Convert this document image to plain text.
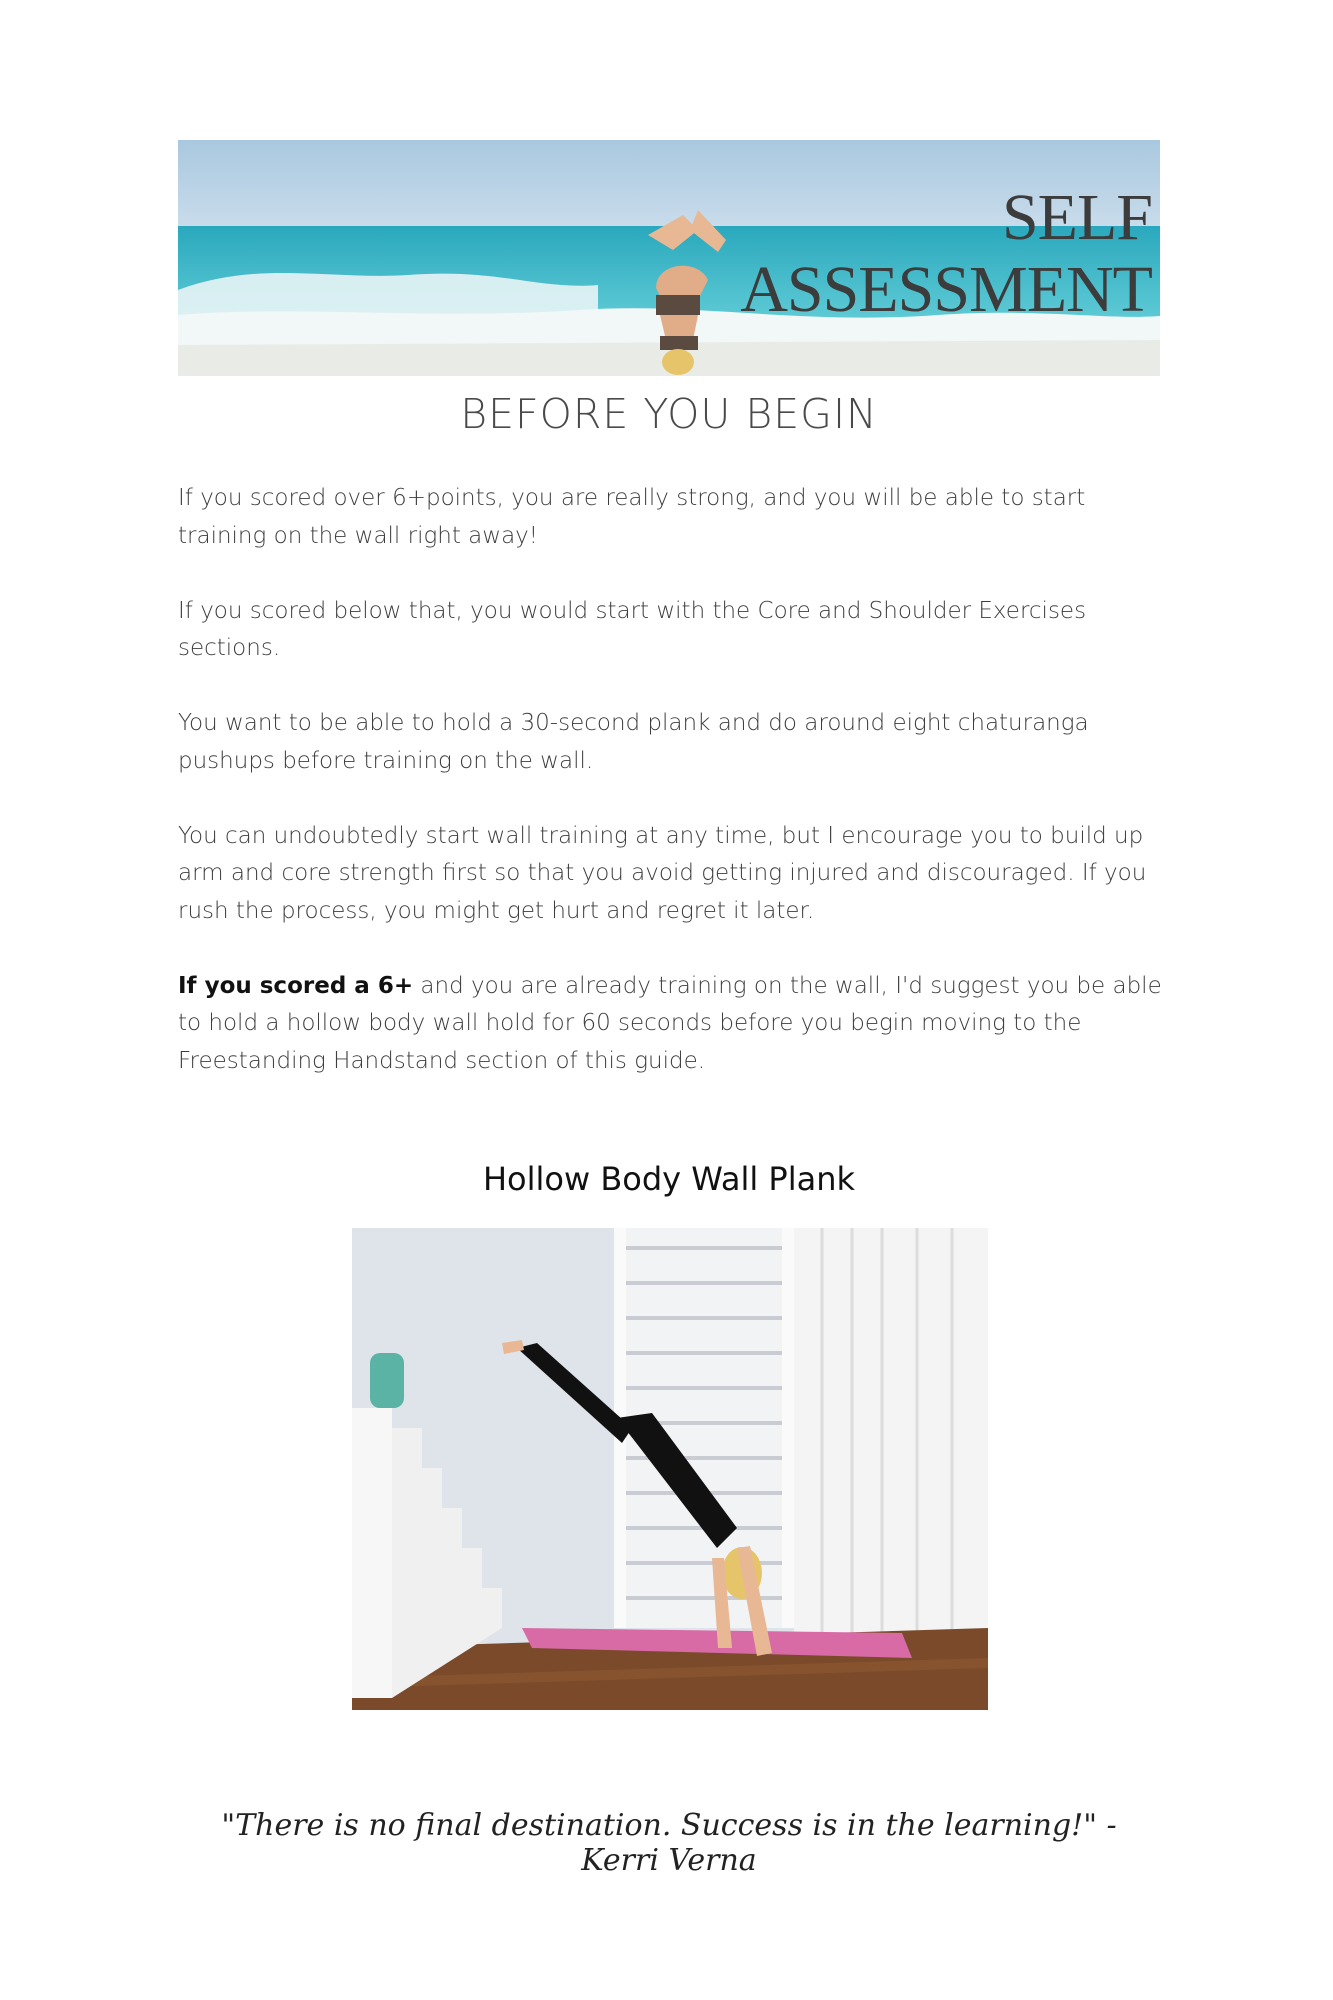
SELF
ASSESSMENT
BEFORE YOU BEGIN

If you scored over 6+points, you are really strong, and you will be able to start training on the wall right away!

If you scored below that, you would start with the Core and Shoulder Exercises sections.

You want to be able to hold a 30-second plank and do around eight chaturanga pushups before training on the wall.

You can undoubtedly start wall training at any time, but I encourage you to build up arm and core strength first so that you avoid getting injured and discouraged. If you rush the process, you might get hurt and regret it later.

If you scored a 6+ and you are already training on the wall, I'd suggest you be able to hold a hollow body wall hold for 60 seconds before you begin moving to the Freestanding Handstand section of this guide.

Hollow Body Wall Plank
"There is no final destination. Success is in the learning!" - Kerri Verna
